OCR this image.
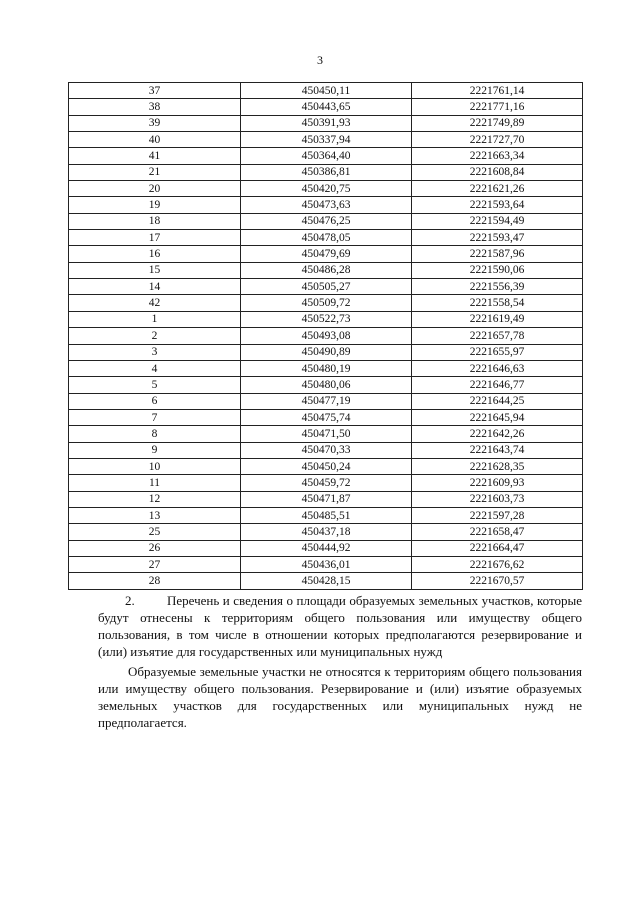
3
37	450450,11	2221761,14
38	450443,65	2221771,16
39	450391,93	2221749,89
40	450337,94	2221727,70
41	450364,40	2221663,34
21	450386,81	2221608,84
20	450420,75	2221621,26
19	450473,63	2221593,64
18	450476,25	2221594,49
17	450478,05	2221593,47
16	450479,69	2221587,96
15	450486,28	2221590,06
14	450505,27	2221556,39
42	450509,72	2221558,54
1	450522,73	2221619,49
2	450493,08	2221657,78
3	450490,89	2221655,97
4	450480,19	2221646,63
5	450480,06	2221646,77
6	450477,19	2221644,25
7	450475,74	2221645,94
8	450471,50	2221642,26
9	450470,33	2221643,74
10	450450,24	2221628,35
11	450459,72	2221609,93
12	450471,87	2221603,73
13	450485,51	2221597,28
25	450437,18	2221658,47
26	450444,92	2221664,47
27	450436,01	2221676,62
28	450428,15	2221670,57
2. Перечень и сведения о площади образуемых земельных участков, которые будут отнесены к территориям общего пользования или имуществу общего пользования, в том числе в отношении которых предполагаются резервирование и (или) изъятие для государственных или муниципальных нужд
Образуемые земельные участки не относятся к территориям общего пользования или имуществу общего пользования. Резервирование и (или) изъятие образуемых земельных участков для государственных или муниципальных нужд не предполагается.
